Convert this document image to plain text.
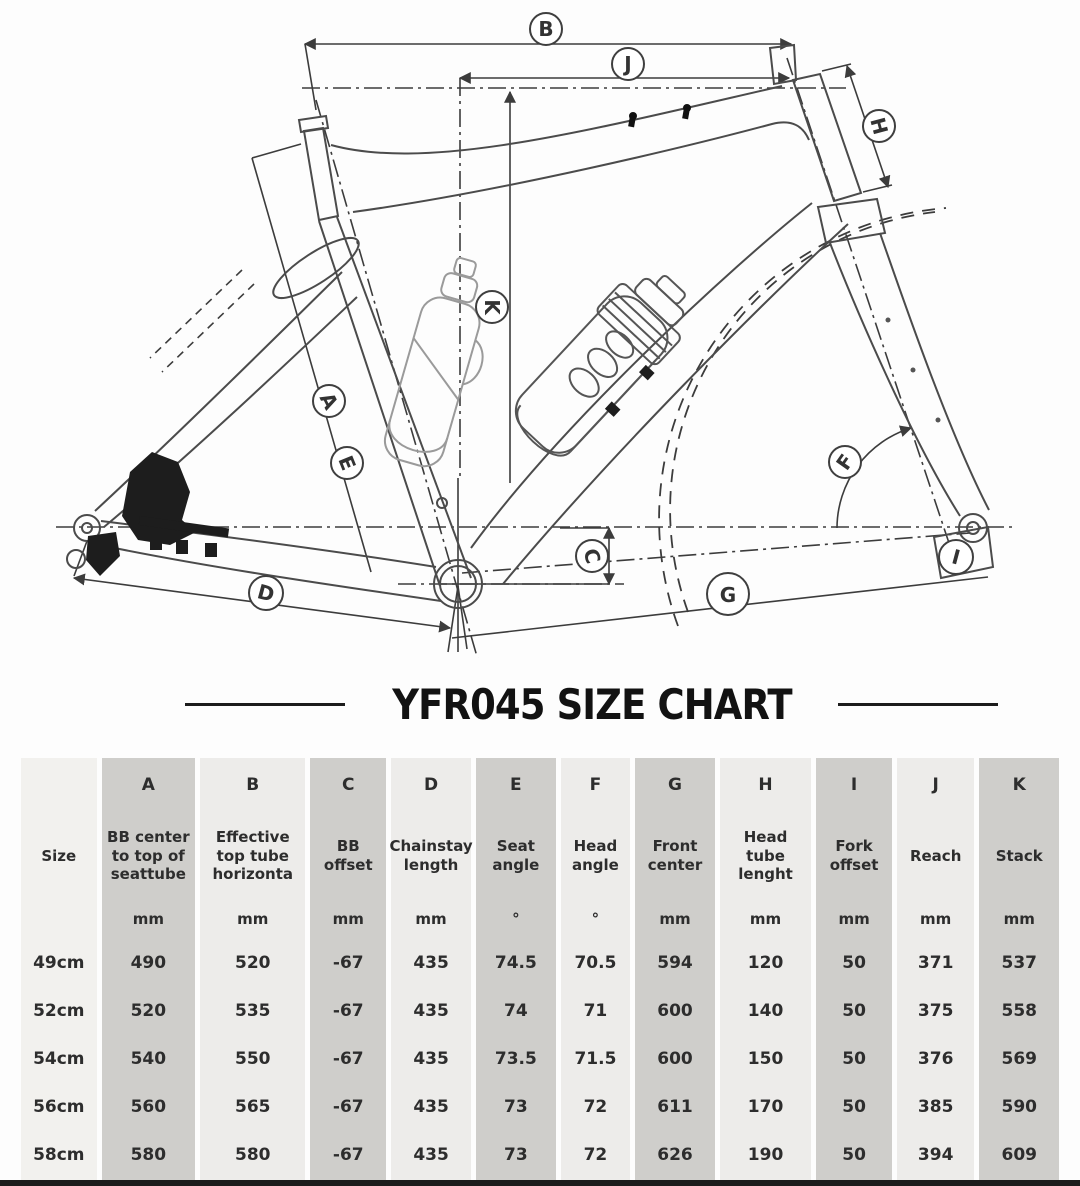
B
J
H
K
A
E
C
D	G
F
I
YFR045 SIZE CHART
Size
49cm
52cm
54cm
56cm
58cm
A
BB center to top of seattube
mm
490
520
540
560
580
B
Effective top tube horizonta
mm
520
535
550
565
580
C
BB offset
mm
-67
-67
-67
-67
-67
D
Chainstay length
mm
435
435
435
435
435
E
Seat angle
°
74.5
74
73.5
73
73
F
Head angle
°
70.5
71
71.5
72
72
G
Front center
mm
594
600
600
611
626
H
Head tube lenght
mm
120
140
150
170
190
I
Fork offset
mm
50
50
50
50
50
J
Reach
mm
371
375
376
385
394
K
Stack
mm
537
558
569
590
609
